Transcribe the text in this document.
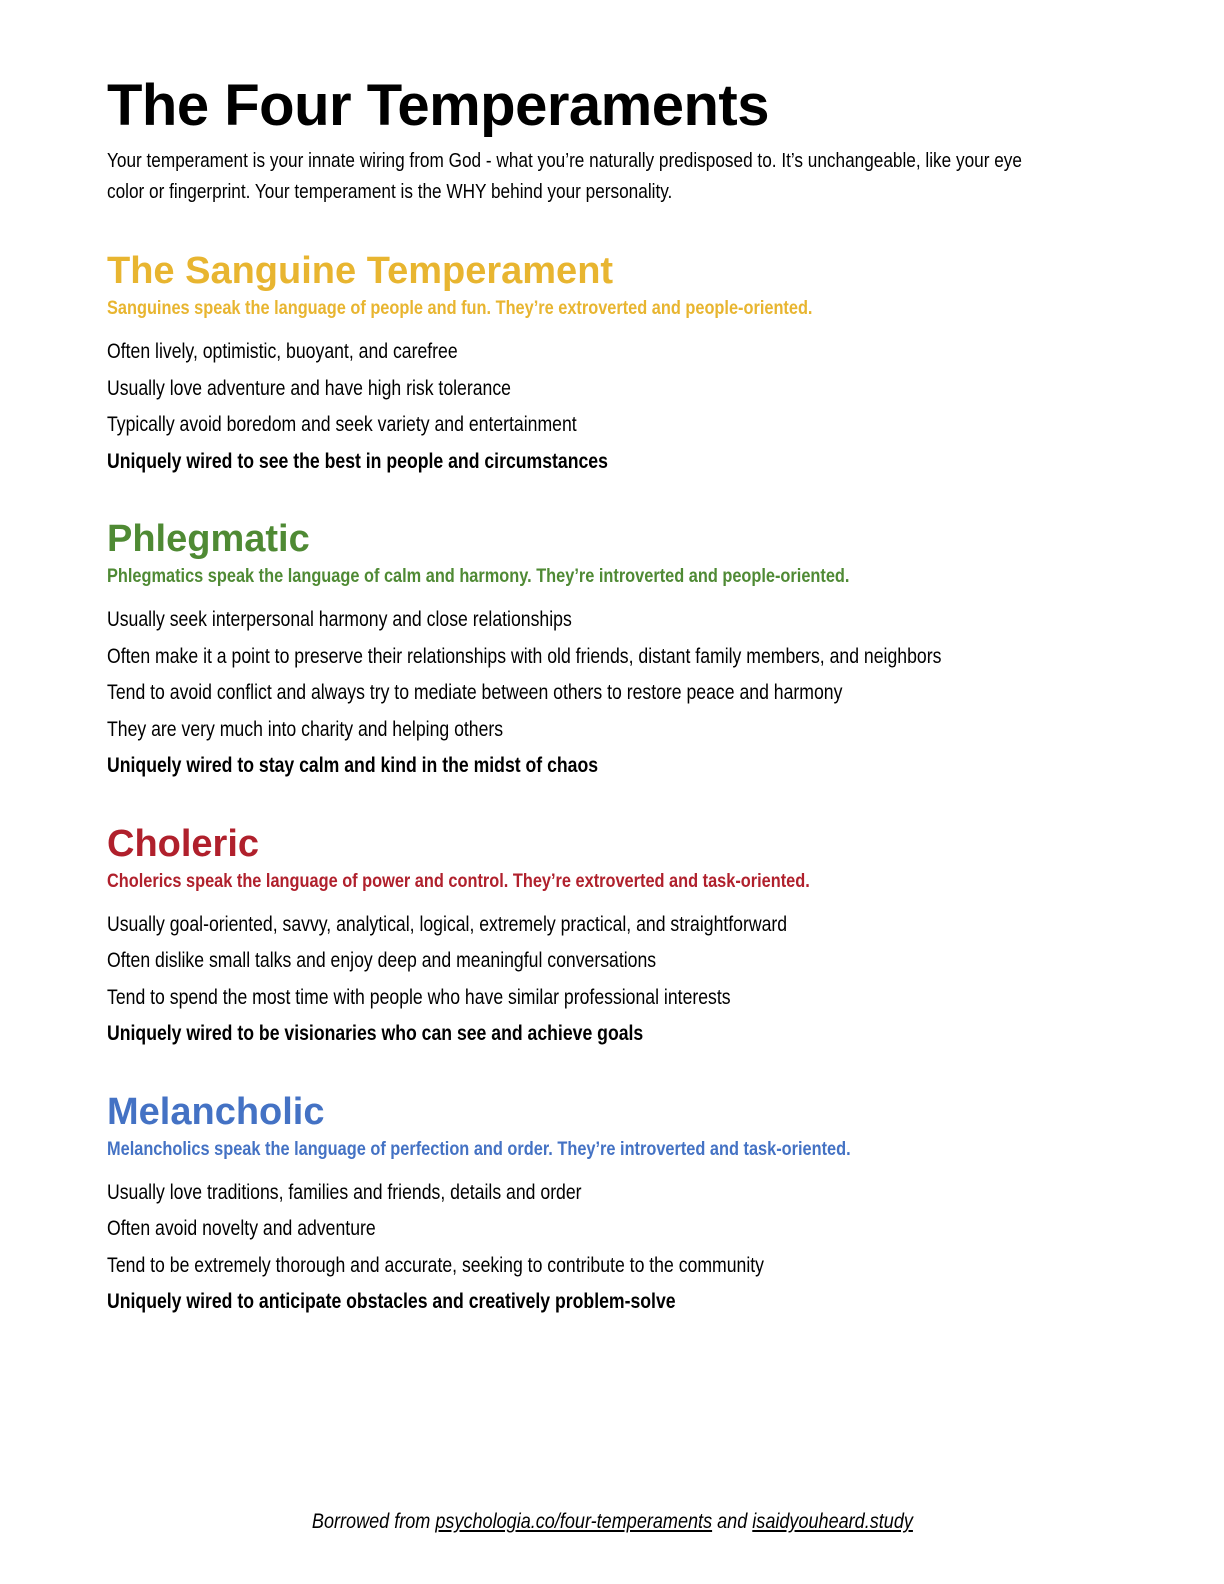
The Four Temperaments
Your temperament is your innate wiring from God - what you’re naturally predisposed to. It’s unchangeable, like your eye
color or fingerprint. Your temperament is the WHY behind your personality.
The Sanguine Temperament
Sanguines speak the language of people and fun. They’re extroverted and people-oriented.
Often lively, optimistic, buoyant, and carefree
Usually love adventure and have high risk tolerance
Typically avoid boredom and seek variety and entertainment
Uniquely wired to see the best in people and circumstances
Phlegmatic
Phlegmatics speak the language of calm and harmony. They’re introverted and people-oriented.
Usually seek interpersonal harmony and close relationships
Often make it a point to preserve their relationships with old friends, distant family members, and neighbors
Tend to avoid conflict and always try to mediate between others to restore peace and harmony
They are very much into charity and helping others
Uniquely wired to stay calm and kind in the midst of chaos
Choleric
Cholerics speak the language of power and control. They’re extroverted and task-oriented.
Usually goal-oriented, savvy, analytical, logical, extremely practical, and straightforward
Often dislike small talks and enjoy deep and meaningful conversations
Tend to spend the most time with people who have similar professional interests
Uniquely wired to be visionaries who can see and achieve goals
Melancholic
Melancholics speak the language of perfection and order. They’re introverted and task-oriented.
Usually love traditions, families and friends, details and order
Often avoid novelty and adventure
Tend to be extremely thorough and accurate, seeking to contribute to the community
Uniquely wired to anticipate obstacles and creatively problem-solve
Borrowed from psychologia.co/four-temperaments and isaidyouheard.study
